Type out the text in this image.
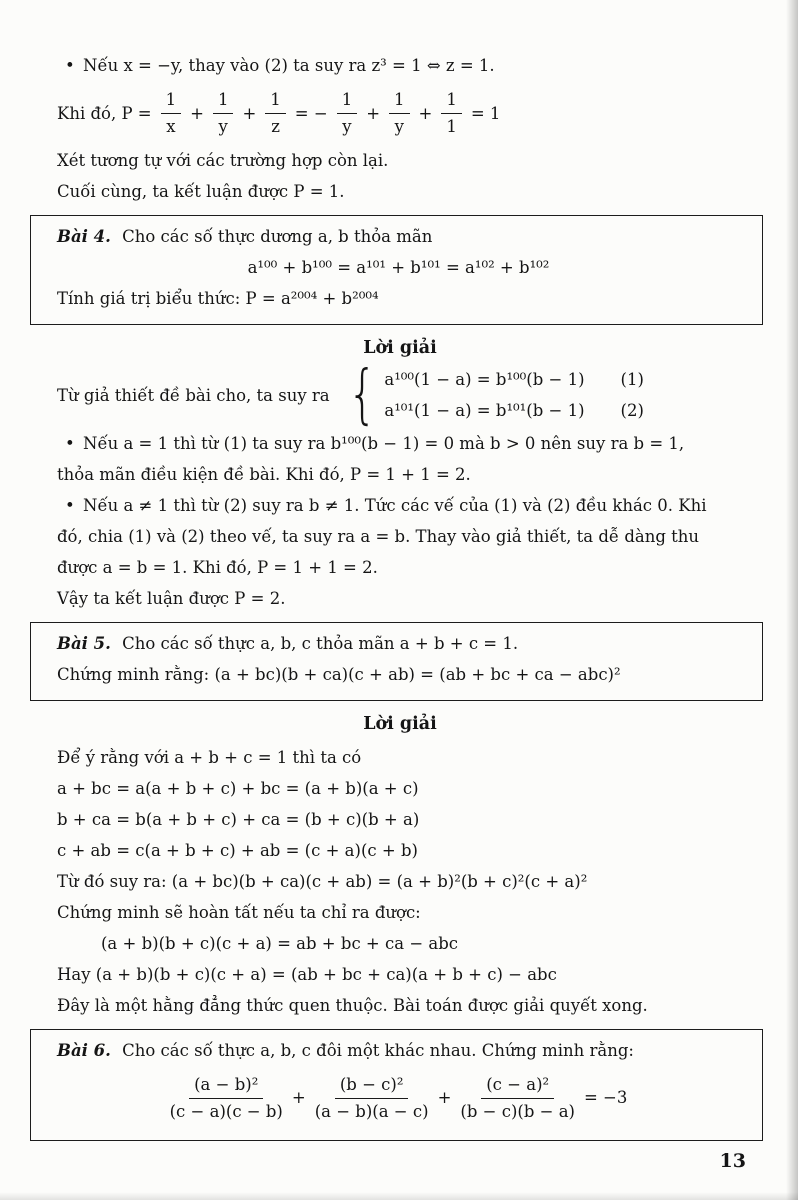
• Nếu x = −y, thay vào (2) ta suy ra z³ = 1 ⇔ z = 1.
Khi đó, $P = \frac{1}{x} + \frac{1}{y} + \frac{1}{z}$ = − $\frac{1}{y} + \frac{1}{y} + \frac{1}{1} = 1$
Xét tương tự với các trường hợp còn lại.
Cuối cùng, ta kết luận được P = 1.
Bài 4. Cho các số thực dương a, b thỏa mãn
a¹⁰⁰ + b¹⁰⁰ = a¹⁰¹ + b¹⁰¹ = a¹⁰² + b¹⁰²
Tính giá trị biểu thức: P = a²⁰⁰⁴ + b²⁰⁰⁴
Lời giải
Từ giả thiết đề bài cho, ta suy ra { a¹⁰⁰(1 − a) = b¹⁰⁰(b − 1) (1)
a¹⁰¹(1 − a) = b¹⁰¹(b − 1) (2)
• Nếu a = 1 thì từ (1) ta suy ra b¹⁰⁰(b − 1) = 0 mà b > 0 nên suy ra b = 1,
thỏa mãn điều kiện đề bài. Khi đó, P = 1 + 1 = 2.
• Nếu a ≠ 1 thì từ (2) suy ra b ≠ 1. Tức các vế của (1) và (2) đều khác 0. Khi
đó, chia (1) và (2) theo vế, ta suy ra a = b. Thay vào giả thiết, ta dễ dàng thu
được a = b = 1. Khi đó, P = 1 + 1 = 2.
Vậy ta kết luận được P = 2.
Bài 5. Cho các số thực a, b, c thỏa mãn a + b + c = 1.
Chứng minh rằng: (a + bc)(b + ca)(c + ab) = (ab + bc + ca − abc)²
Lời giải
Để ý rằng với a + b + c = 1 thì ta có
a + bc = a(a + b + c) + bc = (a + b)(a + c)
b + ca = b(a + b + c) + ca = (b + c)(b + a)
c + ab = c(a + b + c) + ab = (c + a)(c + b)
Từ đó suy ra: (a + bc)(b + ca)(c + ab) = (a + b)²(b + c)²(c + a)²
Chứng minh sẽ hoàn tất nếu ta chỉ ra được:
(a + b)(b + c)(c + a) = ab + bc + ca − abc
Hay (a + b)(b + c)(c + a) = (ab + bc + ca)(a + b + c) − abc
Đây là một hằng đẳng thức quen thuộc. Bài toán được giải quyết xong.
Bài 6. Cho các số thực a, b, c đôi một khác nhau. Chứng minh rằng:
$\frac{\text{(a − b)²}}{(c - a)(c - b)} + \frac{\text{(b − c)²}}{(a - b)(a - c)} + \frac{\text{(c − a)²}}{(b - c)(b - a)} = -3$
13
